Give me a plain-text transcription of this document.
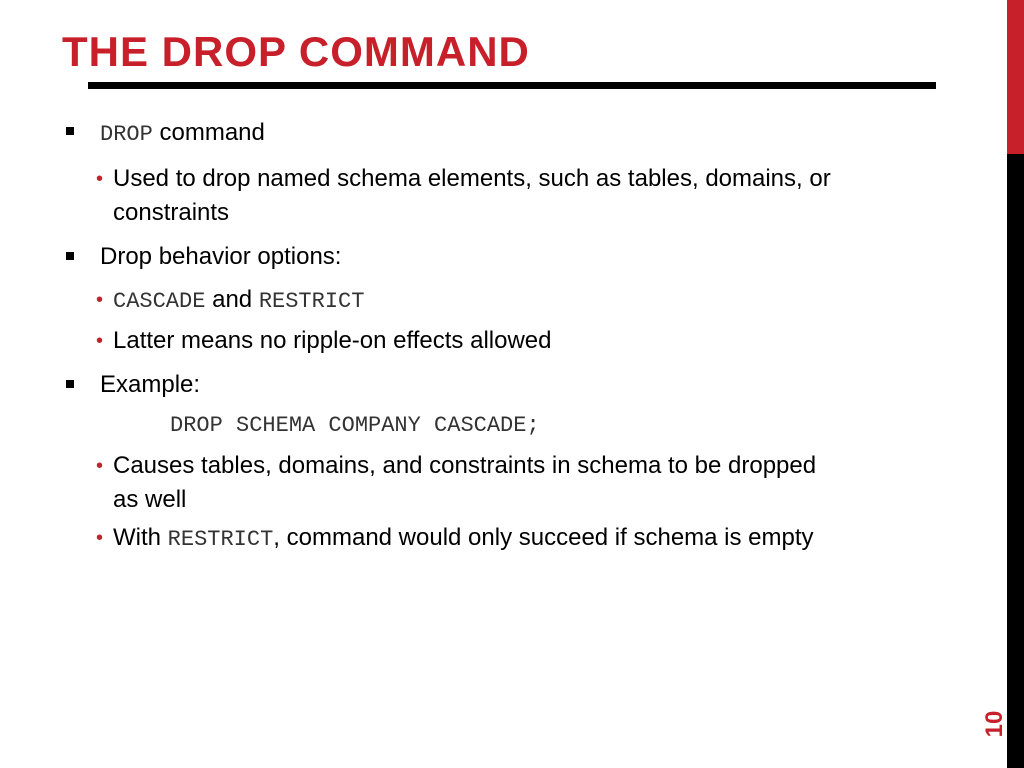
THE DROP COMMAND
10
DROP command
• Used to drop named schema elements, such as tables, domains, or
constraints
Drop behavior options:
• CASCADE and RESTRICT
• Latter means no ripple-on effects allowed
Example:
DROP SCHEMA COMPANY CASCADE;
• Causes tables, domains, and constraints in schema to be dropped
as well
• With RESTRICT, command would only succeed if schema is empty
